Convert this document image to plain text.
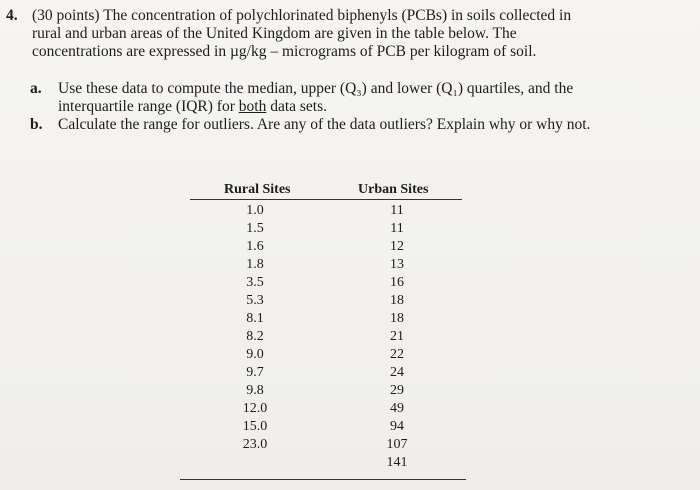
4. (30 points) The concentration of polychlorinated biphenyls (PCBs) in soils collected in
rural and urban areas of the United Kingdom are given in the table below. The
concentrations are expressed in µg/kg – micrograms of PCB per kilogram of soil.
a. Use these data to compute the median, upper (Q₃) and lower (Q₁) quartiles, and the
interquartile range (IQR) for both data sets.
b. Calculate the range for outliers. Are any of the data outliers? Explain why or why not.
Rural Sites	Urban Sites
1.0
1.5
1.6
1.8
3.5
5.3
8.1
8.2
9.0
9.7
9.8
12.0
15.0
23.0
11
11
12
13
16
18
18
21
22
24
29
49
94
107
141
